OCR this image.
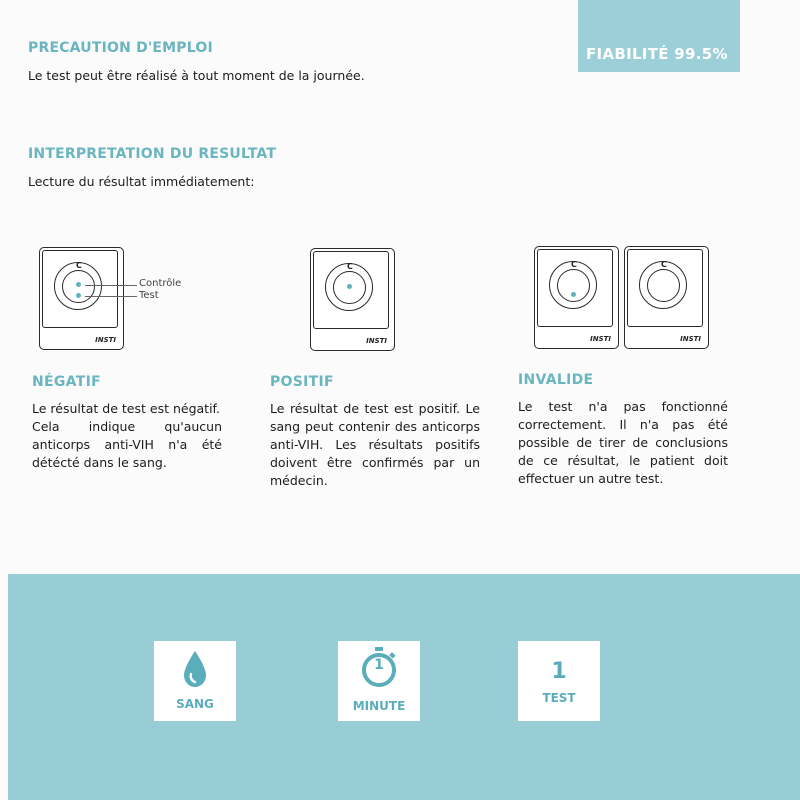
FIABILITÉ 99.5%
PRECAUTION D'EMPLOI
Le test peut être réalisé à tout moment de la journée.
INTERPRETATION DU RESULTAT
Lecture du résultat immédiatement:
C
INSTI
Contrôle
Test
C
INSTI
C
INSTI
C
INSTI
NÉGATIF
Le résultat de test est négatif.
Cela indique qu'aucun
anticorps anti-VIH n'a été
détécté dans le sang.
POSITIF
Le résultat de test est positif. Le
sang peut contenir des anticorps
anti-VIH. Les résultats positifs
doivent être confirmés par un
médecin.
INVALIDE
Le test n'a pas fonctionné
correctement. Il n'a pas été
possible de tirer de conclusions
de ce résultat, le patient doit
effectuer un autre test.
SANG
1
MINUTE
1
TEST
